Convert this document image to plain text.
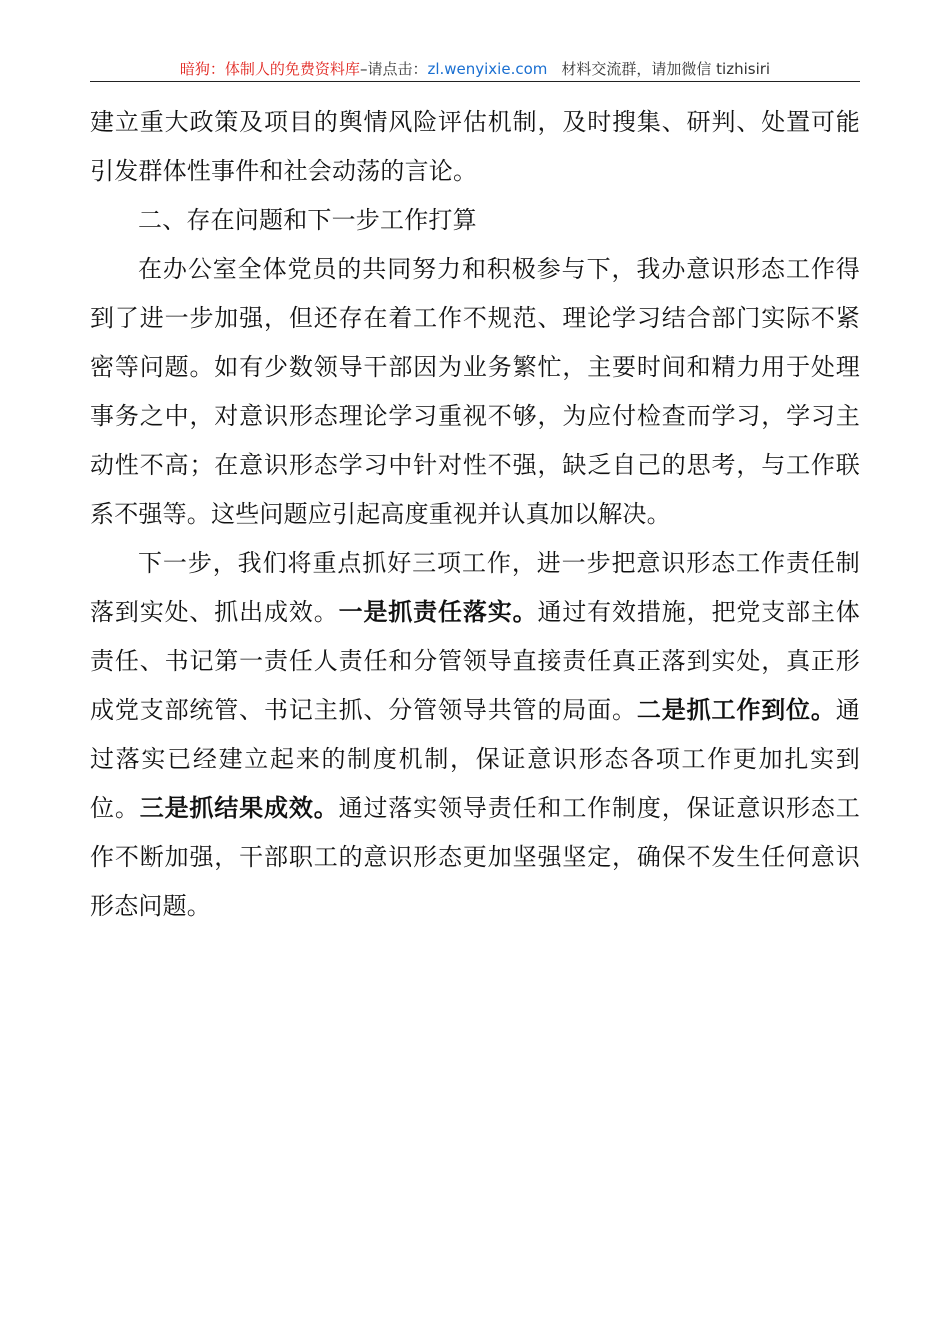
暗狗：体制人的免费资料库–请点击：zl.wenyixie.com 材料交流群，请加微信 tizhisiri

建立重大政策及项目的舆情风险评估机制，及时搜集、研判、处置可能引发群体性事件和社会动荡的言论。

二、存在问题和下一步工作打算

在办公室全体党员的共同努力和积极参与下，我办意识形态工作得到了进一步加强，但还存在着工作不规范、理论学习结合部门实际不紧密等问题。如有少数领导干部因为业务繁忙，主要时间和精力用于处理事务之中，对意识形态理论学习重视不够，为应付检查而学习，学习主动性不高；在意识形态学习中针对性不强，缺乏自己的思考，与工作联系不强等。这些问题应引起高度重视并认真加以解决。

下一步，我们将重点抓好三项工作，进一步把意识形态工作责任制落到实处、抓出成效。一是抓责任落实。通过有效措施，把党支部主体责任、书记第一责任人责任和分管领导直接责任真正落到实处，真正形成党支部统管、书记主抓、分管领导共管的局面。二是抓工作到位。通过落实已经建立起来的制度机制，保证意识形态各项工作更加扎实到位。三是抓结果成效。通过落实领导责任和工作制度，保证意识形态工作不断加强，干部职工的意识形态更加坚强坚定，确保不发生任何意识形态问题。
